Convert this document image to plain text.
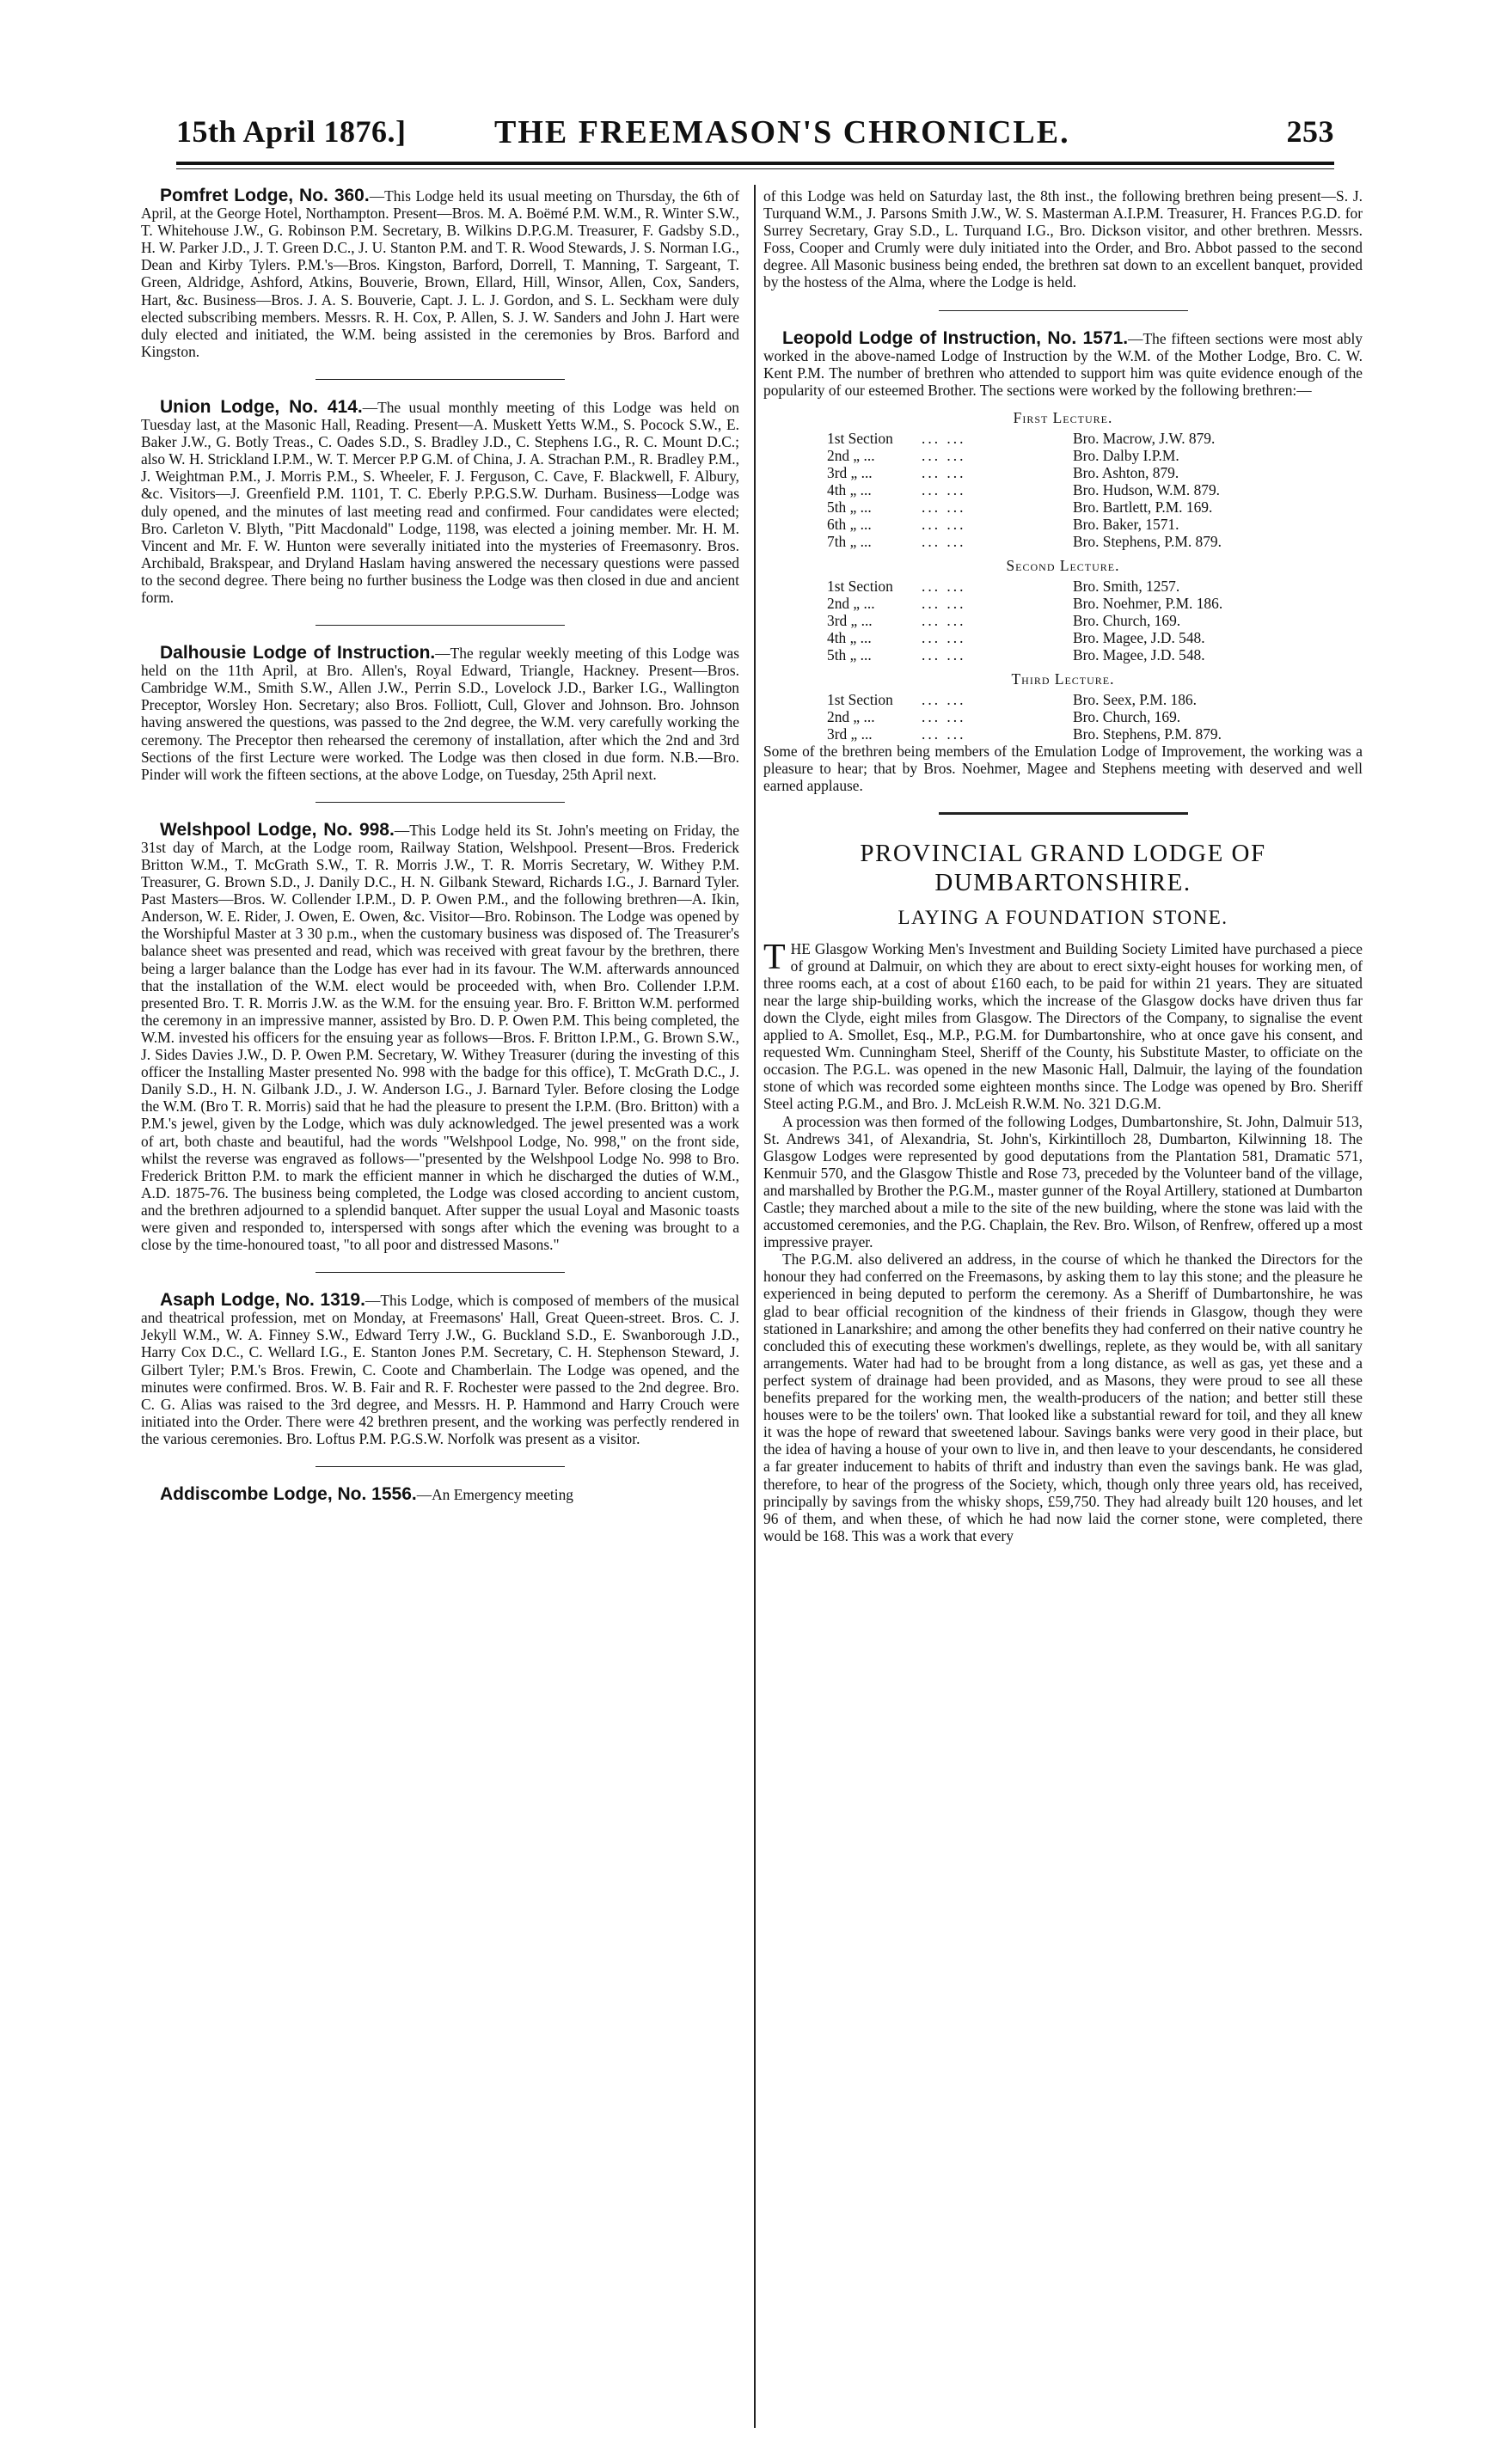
15th April 1876.]	THE FREEMASON'S CHRONICLE.	253

Pomfret Lodge, No. 360.—This Lodge held its usual meeting on Thursday, the 6th of April, at the George Hotel, Northampton. Present—Bros. M. A. Boëmé P.M. W.M., R. Winter S.W., T. Whitehouse J.W., G. Robinson P.M. Secretary, B. Wilkins D.P.G.M. Treasurer, F. Gadsby S.D., H. W. Parker J.D., J. T. Green D.C., J. U. Stanton P.M. and T. R. Wood Stewards, J. S. Norman I.G., Dean and Kirby Tylers. P.M.'s—Bros. Kingston, Barford, Dorrell, T. Manning, T. Sargeant, T. Green, Aldridge, Ashford, Atkins, Bouverie, Brown, Ellard, Hill, Winsor, Allen, Cox, Sanders, Hart, &c. Business—Bros. J. A. S. Bouverie, Capt. J. L. J. Gordon, and S. L. Seckham were duly elected subscribing members. Messrs. R. H. Cox, P. Allen, S. J. W. Sanders and John J. Hart were duly elected and initiated, the W.M. being assisted in the ceremonies by Bros. Barford and Kingston.

Union Lodge, No. 414.—The usual monthly meeting of this Lodge was held on Tuesday last, at the Masonic Hall, Reading. Present—A. Muskett Yetts W.M., S. Pocock S.W., E. Baker J.W., G. Botly Treas., C. Oades S.D., S. Bradley J.D., C. Stephens I.G., R. C. Mount D.C.; also W. H. Strickland I.P.M., W. T. Mercer P.P G.M. of China, J. A. Strachan P.M., R. Bradley P.M., J. Weightman P.M., J. Morris P.M., S. Wheeler, F. J. Ferguson, C. Cave, F. Blackwell, F. Albury, &c. Visitors—J. Greenfield P.M. 1101, T. C. Eberly P.P.G.S.W. Durham. Business—Lodge was duly opened, and the minutes of last meeting read and confirmed. Four candidates were elected; Bro. Carleton V. Blyth, "Pitt Macdonald" Lodge, 1198, was elected a joining member. Mr. H. M. Vincent and Mr. F. W. Hunton were severally initiated into the mysteries of Freemasonry. Bros. Archibald, Brakspear, and Dryland Haslam having answered the necessary questions were passed to the second degree. There being no further business the Lodge was then closed in due and ancient form.

Dalhousie Lodge of Instruction.—The regular weekly meeting of this Lodge was held on the 11th April, at Bro. Allen's, Royal Edward, Triangle, Hackney. Present—Bros. Cambridge W.M., Smith S.W., Allen J.W., Perrin S.D., Lovelock J.D., Barker I.G., Wallington Preceptor, Worsley Hon. Secretary; also Bros. Folliott, Cull, Glover and Johnson. Bro. Johnson having answered the questions, was passed to the 2nd degree, the W.M. very carefully working the ceremony. The Preceptor then rehearsed the ceremony of installation, after which the 2nd and 3rd Sections of the first Lecture were worked. The Lodge was then closed in due form. N.B.—Bro. Pinder will work the fifteen sections, at the above Lodge, on Tuesday, 25th April next.

Welshpool Lodge, No. 998.—This Lodge held its St. John's meeting on Friday, the 31st day of March, at the Lodge room, Railway Station, Welshpool. Present—Bros. Frederick Britton W.M., T. McGrath S.W., T. R. Morris J.W., T. R. Morris Secretary, W. Withey P.M. Treasurer, G. Brown S.D., J. Danily D.C., H. N. Gilbank Steward, Richards I.G., J. Barnard Tyler. Past Masters—Bros. W. Collender I.P.M., D. P. Owen P.M., and the following brethren—A. Ikin, Anderson, W. E. Rider, J. Owen, E. Owen, &c. Visitor—Bro. Robinson. The Lodge was opened by the Worshipful Master at 3 30 p.m., when the customary business was disposed of. The Treasurer's balance sheet was presented and read, which was received with great favour by the brethren, there being a larger balance than the Lodge has ever had in its favour. The W.M. afterwards announced that the installation of the W.M. elect would be proceeded with, when Bro. Collender I.P.M. presented Bro. T. R. Morris J.W. as the W.M. for the ensuing year. Bro. F. Britton W.M. performed the ceremony in an impressive manner, assisted by Bro. D. P. Owen P.M. This being completed, the W.M. invested his officers for the ensuing year as follows—Bros. F. Britton I.P.M., G. Brown S.W., J. Sides Davies J.W., D. P. Owen P.M. Secretary, W. Withey Treasurer (during the investing of this officer the Installing Master presented No. 998 with the badge for this office), T. McGrath D.C., J. Danily S.D., H. N. Gilbank J.D., J. W. Anderson I.G., J. Barnard Tyler. Before closing the Lodge the W.M. (Bro T. R. Morris) said that he had the pleasure to present the I.P.M. (Bro. Britton) with a P.M.'s jewel, given by the Lodge, which was duly acknowledged. The jewel presented was a work of art, both chaste and beautiful, had the words "Welshpool Lodge, No. 998," on the front side, whilst the reverse was engraved as follows—"presented by the Welshpool Lodge No. 998 to Bro. Frederick Britton P.M. to mark the efficient manner in which he discharged the duties of W.M., A.D. 1875-76. The business being completed, the Lodge was closed according to ancient custom, and the brethren adjourned to a splendid banquet. After supper the usual Loyal and Masonic toasts were given and responded to, interspersed with songs after which the evening was brought to a close by the time-honoured toast, "to all poor and distressed Masons."

Asaph Lodge, No. 1319.—This Lodge, which is composed of members of the musical and theatrical profession, met on Monday, at Freemasons' Hall, Great Queen-street. Bros. C. J. Jekyll W.M., W. A. Finney S.W., Edward Terry J.W., G. Buckland S.D., E. Swanborough J.D., Harry Cox D.C., C. Wellard I.G., E. Stanton Jones P.M. Secretary, C. H. Stephenson Steward, J. Gilbert Tyler; P.M.'s Bros. Frewin, C. Coote and Chamberlain. The Lodge was opened, and the minutes were confirmed. Bros. W. B. Fair and R. F. Rochester were passed to the 2nd degree. Bro. C. G. Alias was raised to the 3rd degree, and Messrs. H. P. Hammond and Harry Crouch were initiated into the Order. There were 42 brethren present, and the working was perfectly rendered in the various ceremonies. Bro. Loftus P.M. P.G.S.W. Norfolk was present as a visitor.

Addiscombe Lodge, No. 1556.—An Emergency meeting

of this Lodge was held on Saturday last, the 8th inst., the following brethren being present—S. J. Turquand W.M., J. Parsons Smith J.W., W. S. Masterman A.I.P.M. Treasurer, H. Frances P.G.D. for Surrey Secretary, Gray S.D., L. Turquand I.G., Bro. Dickson visitor, and other brethren. Messrs. Foss, Cooper and Crumly were duly initiated into the Order, and Bro. Abbot passed to the second degree. All Masonic business being ended, the brethren sat down to an excellent banquet, provided by the hostess of the Alma, where the Lodge is held.

Leopold Lodge of Instruction, No. 1571.—The fifteen sections were most ably worked in the above-named Lodge of Instruction by the W.M. of the Mother Lodge, Bro. C. W. Kent P.M. The number of brethren who attended to support him was quite evidence enough of the popularity of our esteemed Brother. The sections were worked by the following brethren:—

First Lecture.
1st Section	... ...	Bro. Macrow, J.W. 879.
2nd „ ...	... ...	Bro. Dalby I.P.M.
3rd „ ...	... ...	Bro. Ashton, 879.
4th „ ...	... ...	Bro. Hudson, W.M. 879.
5th „ ...	... ...	Bro. Bartlett, P.M. 169.
6th „ ...	... ...	Bro. Baker, 1571.
7th „ ...	... ...	Bro. Stephens, P.M. 879.
Second Lecture.
1st Section	... ...	Bro. Smith, 1257.
2nd „ ...	... ...	Bro. Noehmer, P.M. 186.
3rd „ ...	... ...	Bro. Church, 169.
4th „ ...	... ...	Bro. Magee, J.D. 548.
5th „ ...	... ...	Bro. Magee, J.D. 548.
Third Lecture.
1st Section	... ...	Bro. Seex, P.M. 186.
2nd „ ...	... ...	Bro. Church, 169.
3rd „ ...	... ...	Bro. Stephens, P.M. 879.

Some of the brethren being members of the Emulation Lodge of Improvement, the working was a pleasure to hear; that by Bros. Noehmer, Magee and Stephens meeting with deserved and well earned applause.

PROVINCIAL GRAND LODGE OF
DUMBARTONSHIRE.
LAYING A FOUNDATION STONE.

THE Glasgow Working Men's Investment and Building Society Limited have purchased a piece of ground at Dalmuir, on which they are about to erect sixty-eight houses for working men, of three rooms each, at a cost of about £160 each, to be paid for within 21 years. They are situated near the large ship-building works, which the increase of the Glasgow docks have driven thus far down the Clyde, eight miles from Glasgow. The Directors of the Company, to signalise the event applied to A. Smollet, Esq., M.P., P.G.M. for Dumbartonshire, who at once gave his consent, and requested Wm. Cunningham Steel, Sheriff of the County, his Substitute Master, to officiate on the occasion. The P.G.L. was opened in the new Masonic Hall, Dalmuir, the laying of the foundation stone of which was recorded some eighteen months since. The Lodge was opened by Bro. Sheriff Steel acting P.G.M., and Bro. J. McLeish R.W.M. No. 321 D.G.M.

A procession was then formed of the following Lodges, Dumbartonshire, St. John, Dalmuir 513, St. Andrews 341, of Alexandria, St. John's, Kirkintilloch 28, Dumbarton, Kilwinning 18. The Glasgow Lodges were represented by good deputations from the Plantation 581, Dramatic 571, Kenmuir 570, and the Glasgow Thistle and Rose 73, preceded by the Volunteer band of the village, and marshalled by Brother the P.G.M., master gunner of the Royal Artillery, stationed at Dumbarton Castle; they marched about a mile to the site of the new building, where the stone was laid with the accustomed ceremonies, and the P.G. Chaplain, the Rev. Bro. Wilson, of Renfrew, offered up a most impressive prayer.

The P.G.M. also delivered an address, in the course of which he thanked the Directors for the honour they had conferred on the Freemasons, by asking them to lay this stone; and the pleasure he experienced in being deputed to perform the ceremony. As a Sheriff of Dumbartonshire, he was glad to bear official recognition of the kindness of their friends in Glasgow, though they were stationed in Lanarkshire; and among the other benefits they had conferred on their native country he concluded this of executing these workmen's dwellings, replete, as they would be, with all sanitary arrangements. Water had had to be brought from a long distance, as well as gas, yet these and a perfect system of drainage had been provided, and as Masons, they were proud to see all these benefits prepared for the working men, the wealth-producers of the nation; and better still these houses were to be the toilers' own. That looked like a substantial reward for toil, and they all knew it was the hope of reward that sweetened labour. Savings banks were very good in their place, but the idea of having a house of your own to live in, and then leave to your descendants, he considered a far greater inducement to habits of thrift and industry than even the savings bank. He was glad, therefore, to hear of the progress of the Society, which, though only three years old, has received, principally by savings from the whisky shops, £59,750. They had already built 120 houses, and let 96 of them, and when these, of which he had now laid the corner stone, were completed, there would be 168. This was a work that every
